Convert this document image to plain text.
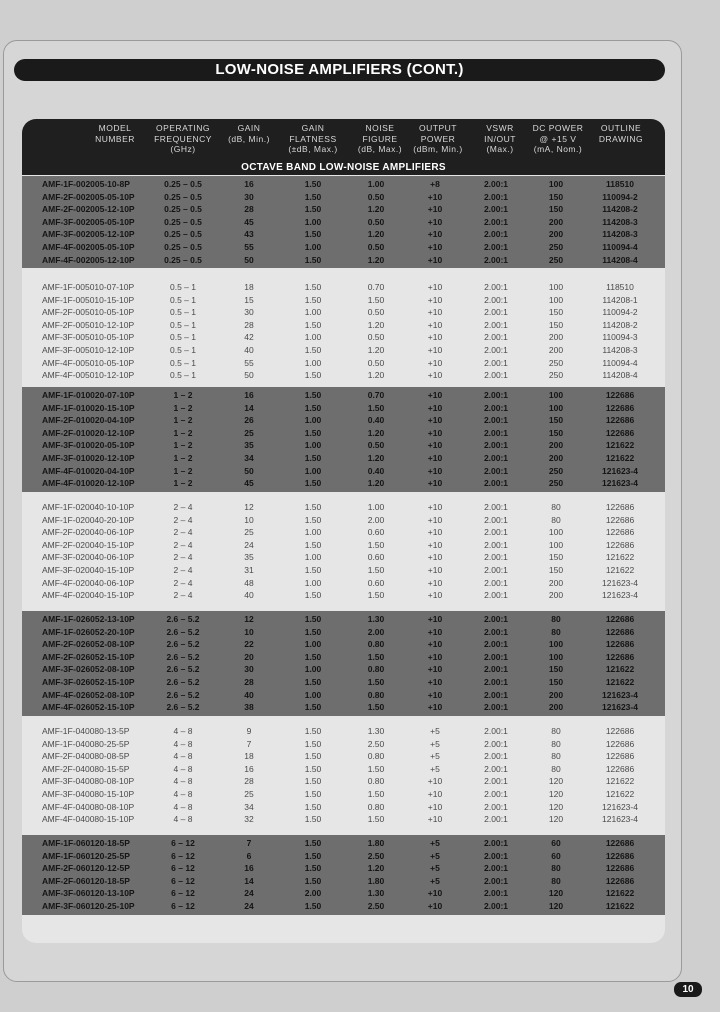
LOW-NOISE AMPLIFIERS (CONT.)
MODEL
NUMBER
OPERATING
FREQUENCY
(GHz)
GAIN
(dB, Min.)
GAIN
FLATNESS
(±dB, Max.)
NOISE
FIGURE
(dB, Max.)
OUTPUT
POWER
(dBm, Min.)
VSWR
IN/OUT
(Max.)
DC POWER
@ +15 V
(mA, Nom.)
OUTLINE
DRAWING
OCTAVE BAND LOW-NOISE AMPLIFIERS
AMF-1F-002005-10-8P	0.25 – 0.5	16	1.50	1.00	+8	2.00:1	100	118510
AMF-2F-002005-05-10P	0.25 – 0.5	30	1.50	0.50	+10	2.00:1	150	110094-2
AMF-2F-002005-12-10P	0.25 – 0.5	28	1.50	1.20	+10	2.00:1	150	114208-2
AMF-3F-002005-05-10P	0.25 – 0.5	45	1.00	0.50	+10	2.00:1	200	114208-3
AMF-3F-002005-12-10P	0.25 – 0.5	43	1.50	1.20	+10	2.00:1	200	114208-3
AMF-4F-002005-05-10P	0.25 – 0.5	55	1.00	0.50	+10	2.00:1	250	110094-4
AMF-4F-002005-12-10P	0.25 – 0.5	50	1.50	1.20	+10	2.00:1	250	114208-4
AMF-1F-005010-07-10P	0.5 – 1	18	1.50	0.70	+10	2.00:1	100	118510
AMF-1F-005010-15-10P	0.5 – 1	15	1.50	1.50	+10	2.00:1	100	114208-1
AMF-2F-005010-05-10P	0.5 – 1	30	1.00	0.50	+10	2.00:1	150	110094-2
AMF-2F-005010-12-10P	0.5 – 1	28	1.50	1.20	+10	2.00:1	150	114208-2
AMF-3F-005010-05-10P	0.5 – 1	42	1.00	0.50	+10	2.00:1	200	110094-3
AMF-3F-005010-12-10P	0.5 – 1	40	1.50	1.20	+10	2.00:1	200	114208-3
AMF-4F-005010-05-10P	0.5 – 1	55	1.00	0.50	+10	2.00:1	250	110094-4
AMF-4F-005010-12-10P	0.5 – 1	50	1.50	1.20	+10	2.00:1	250	114208-4
AMF-1F-010020-07-10P	1 – 2	16	1.50	0.70	+10	2.00:1	100	122686
AMF-1F-010020-15-10P	1 – 2	14	1.50	1.50	+10	2.00:1	100	122686
AMF-2F-010020-04-10P	1 – 2	26	1.00	0.40	+10	2.00:1	150	122686
AMF-2F-010020-12-10P	1 – 2	25	1.50	1.20	+10	2.00:1	150	122686
AMF-3F-010020-05-10P	1 – 2	35	1.00	0.50	+10	2.00:1	200	121622
AMF-3F-010020-12-10P	1 – 2	34	1.50	1.20	+10	2.00:1	200	121622
AMF-4F-010020-04-10P	1 – 2	50	1.00	0.40	+10	2.00:1	250	121623-4
AMF-4F-010020-12-10P	1 – 2	45	1.50	1.20	+10	2.00:1	250	121623-4
AMF-1F-020040-10-10P	2 – 4	12	1.50	1.00	+10	2.00:1	80	122686
AMF-1F-020040-20-10P	2 – 4	10	1.50	2.00	+10	2.00:1	80	122686
AMF-2F-020040-06-10P	2 – 4	25	1.00	0.60	+10	2.00:1	100	122686
AMF-2F-020040-15-10P	2 – 4	24	1.50	1.50	+10	2.00:1	100	122686
AMF-3F-020040-06-10P	2 – 4	35	1.00	0.60	+10	2.00:1	150	121622
AMF-3F-020040-15-10P	2 – 4	31	1.50	1.50	+10	2.00:1	150	121622
AMF-4F-020040-06-10P	2 – 4	48	1.00	0.60	+10	2.00:1	200	121623-4
AMF-4F-020040-15-10P	2 – 4	40	1.50	1.50	+10	2.00:1	200	121623-4
AMF-1F-026052-13-10P	2.6 – 5.2	12	1.50	1.30	+10	2.00:1	80	122686
AMF-1F-026052-20-10P	2.6 – 5.2	10	1.50	2.00	+10	2.00:1	80	122686
AMF-2F-026052-08-10P	2.6 – 5.2	22	1.00	0.80	+10	2.00:1	100	122686
AMF-2F-026052-15-10P	2.6 – 5.2	20	1.50	1.50	+10	2.00:1	100	122686
AMF-3F-026052-08-10P	2.6 – 5.2	30	1.00	0.80	+10	2.00:1	150	121622
AMF-3F-026052-15-10P	2.6 – 5.2	28	1.50	1.50	+10	2.00:1	150	121622
AMF-4F-026052-08-10P	2.6 – 5.2	40	1.00	0.80	+10	2.00:1	200	121623-4
AMF-4F-026052-15-10P	2.6 – 5.2	38	1.50	1.50	+10	2.00:1	200	121623-4
AMF-1F-040080-13-5P	4 – 8	9	1.50	1.30	+5	2.00:1	80	122686
AMF-1F-040080-25-5P	4 – 8	7	1.50	2.50	+5	2.00:1	80	122686
AMF-2F-040080-08-5P	4 – 8	18	1.50	0.80	+5	2.00:1	80	122686
AMF-2F-040080-15-5P	4 – 8	16	1.50	1.50	+5	2.00:1	80	122686
AMF-3F-040080-08-10P	4 – 8	28	1.50	0.80	+10	2.00:1	120	121622
AMF-3F-040080-15-10P	4 – 8	25	1.50	1.50	+10	2.00:1	120	121622
AMF-4F-040080-08-10P	4 – 8	34	1.50	0.80	+10	2.00:1	120	121623-4
AMF-4F-040080-15-10P	4 – 8	32	1.50	1.50	+10	2.00:1	120	121623-4
AMF-1F-060120-18-5P	6 – 12	7	1.50	1.80	+5	2.00:1	60	122686
AMF-1F-060120-25-5P	6 – 12	6	1.50	2.50	+5	2.00:1	60	122686
AMF-2F-060120-12-5P	6 – 12	16	1.50	1.20	+5	2.00:1	80	122686
AMF-2F-060120-18-5P	6 – 12	14	1.50	1.80	+5	2.00:1	80	122686
AMF-3F-060120-13-10P	6 – 12	24	2.00	1.30	+10	2.00:1	120	121622
AMF-3F-060120-25-10P	6 – 12	24	1.50	2.50	+10	2.00:1	120	121622
10
